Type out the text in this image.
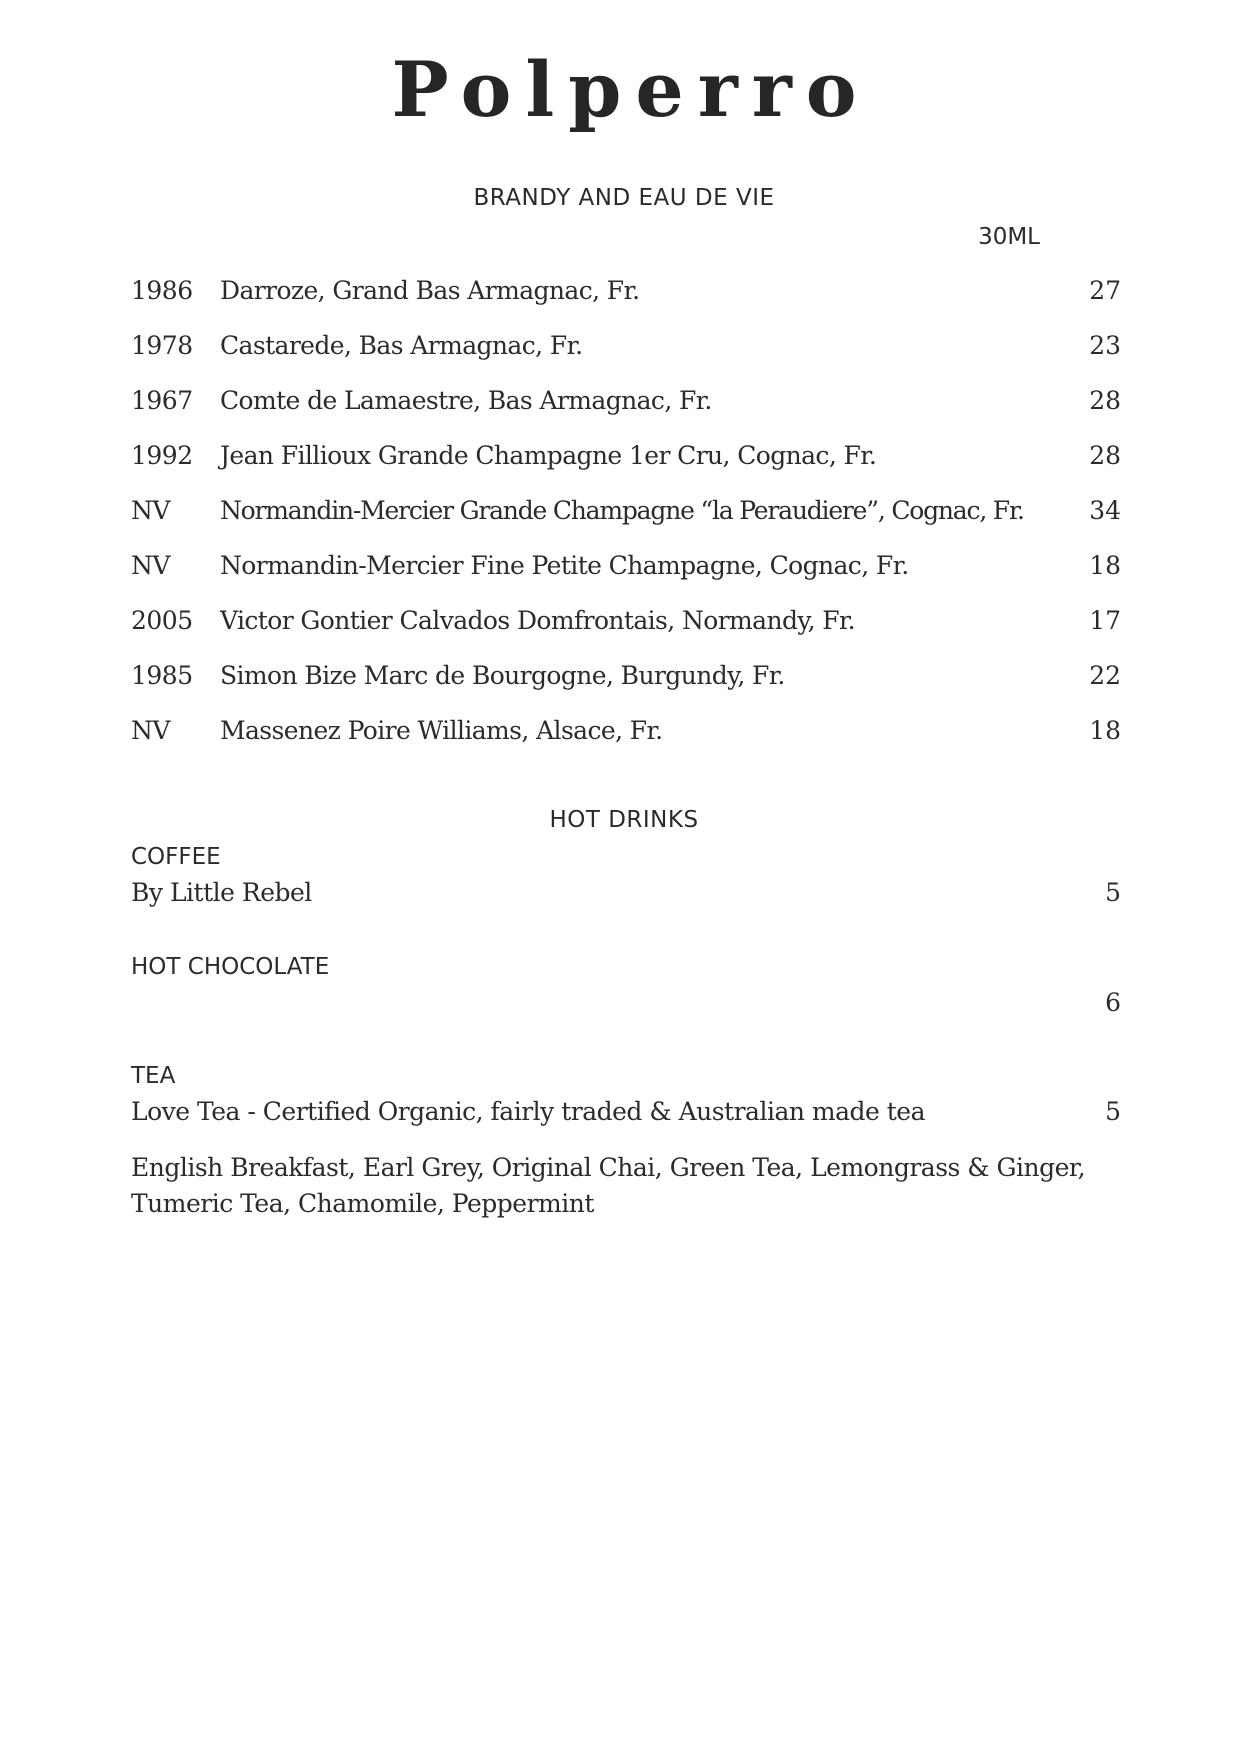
Polperro
BRANDY AND EAU DE VIE
30ML
1986 Darroze, Grand Bas Armagnac, Fr.	27
1978 Castarede, Bas Armagnac, Fr.	23
1967 Comte de Lamaestre, Bas Armagnac, Fr.	28
1992 Jean Fillioux Grande Champagne 1er Cru, Cognac, Fr.	28
NV Normandin-Mercier Grande Champagne “la Peraudiere”, Cognac, Fr.	34
NV Normandin-Mercier Fine Petite Champagne, Cognac, Fr.	18
2005 Victor Gontier Calvados Domfrontais, Normandy, Fr.	17
1985 Simon Bize Marc de Bourgogne, Burgundy, Fr.	22
NV Massenez Poire Williams, Alsace, Fr.	18
HOT DRINKS
COFFEE
By Little Rebel	5
HOT CHOCOLATE
6
TEA
Love Tea - Certified Organic, fairly traded & Australian made tea	5
English Breakfast, Earl Grey, Original Chai, Green Tea, Lemongrass & Ginger, Tumeric Tea, Chamomile, Peppermint
